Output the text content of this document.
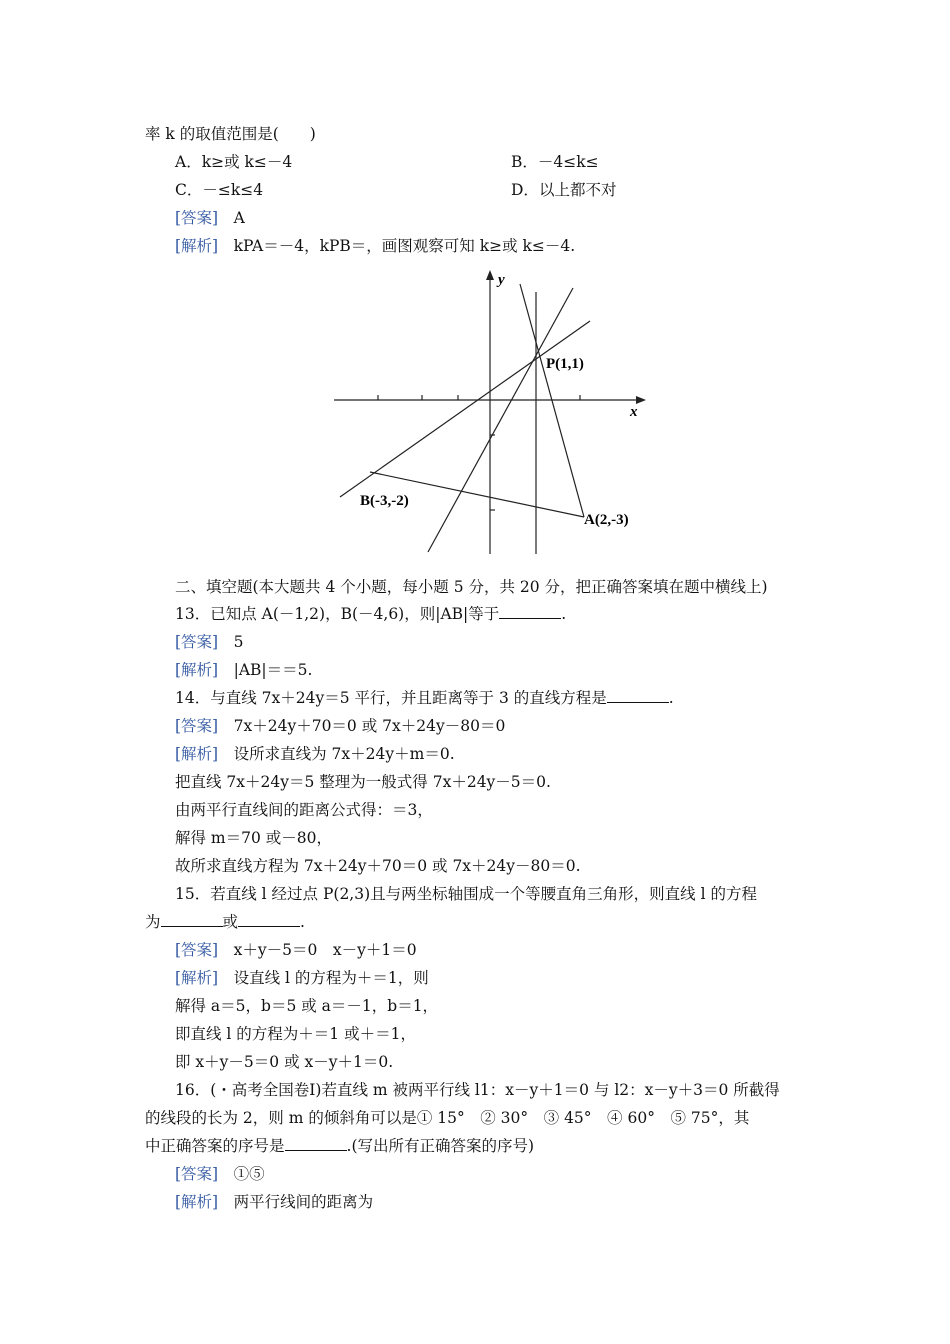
率 k 的取值范围是(　　)
A．k≥或 k≤－4	B．－4≤k≤
C．－≤k≤4	D．以上都不对
[答案]　 A
[解析]　 kPA＝－4，kPB＝，画图观察可知 k≥或 k≤－4.
y
x
P(1,1)
B(-3,-2)
A(2,-3)
二、填空题(本大题共 4 个小题，每小题 5 分，共 20 分，把正确答案填在题中横线上)
13．已知点 A(－1,2)，B(－4,6)，则|AB|等于	.
[答案]　 5
[解析]　 |AB|＝＝5.
14．与直线 7x＋24y＝5 平行，并且距离等于 3 的直线方程是	.
[答案]　 7x＋24y＋70＝0 或 7x＋24y－80＝0
[解析]　 设所求直线为 7x＋24y＋m＝0.
把直线 7x＋24y＝5 整理为一般式得 7x＋24y－5＝0.
由两平行直线间的距离公式得：＝3，
解得 m＝70 或－80，
故所求直线方程为 7x＋24y＋70＝0 或 7x＋24y－80＝0.
15．若直线 l 经过点 P(2,3)且与两坐标轴围成一个等腰直角三角形，则直线 l 的方程
为	或	.
[答案]　 x＋y－5＝0　x－y＋1＝0
[解析]　 设直线 l 的方程为＋＝1，则
解得 a＝5，b＝5 或 a＝－1，b＝1，
即直线 l 的方程为＋＝1 或＋＝1，
即 x＋y－5＝0 或 x－y＋1＝0.
16．(・高考全国卷Ⅰ)若直线 m 被两平行线 l1：x－y＋1＝0 与 l2：x－y＋3＝0 所截得
的线段的长为 2，则 m 的倾斜角可以是① 15°　② 30°　③ 45°　④ 60°　⑤ 75°，其
中正确答案的序号是	.(写出所有正确答案的序号)
[答案]　 ①⑤
[解析]　 两平行线间的距离为
